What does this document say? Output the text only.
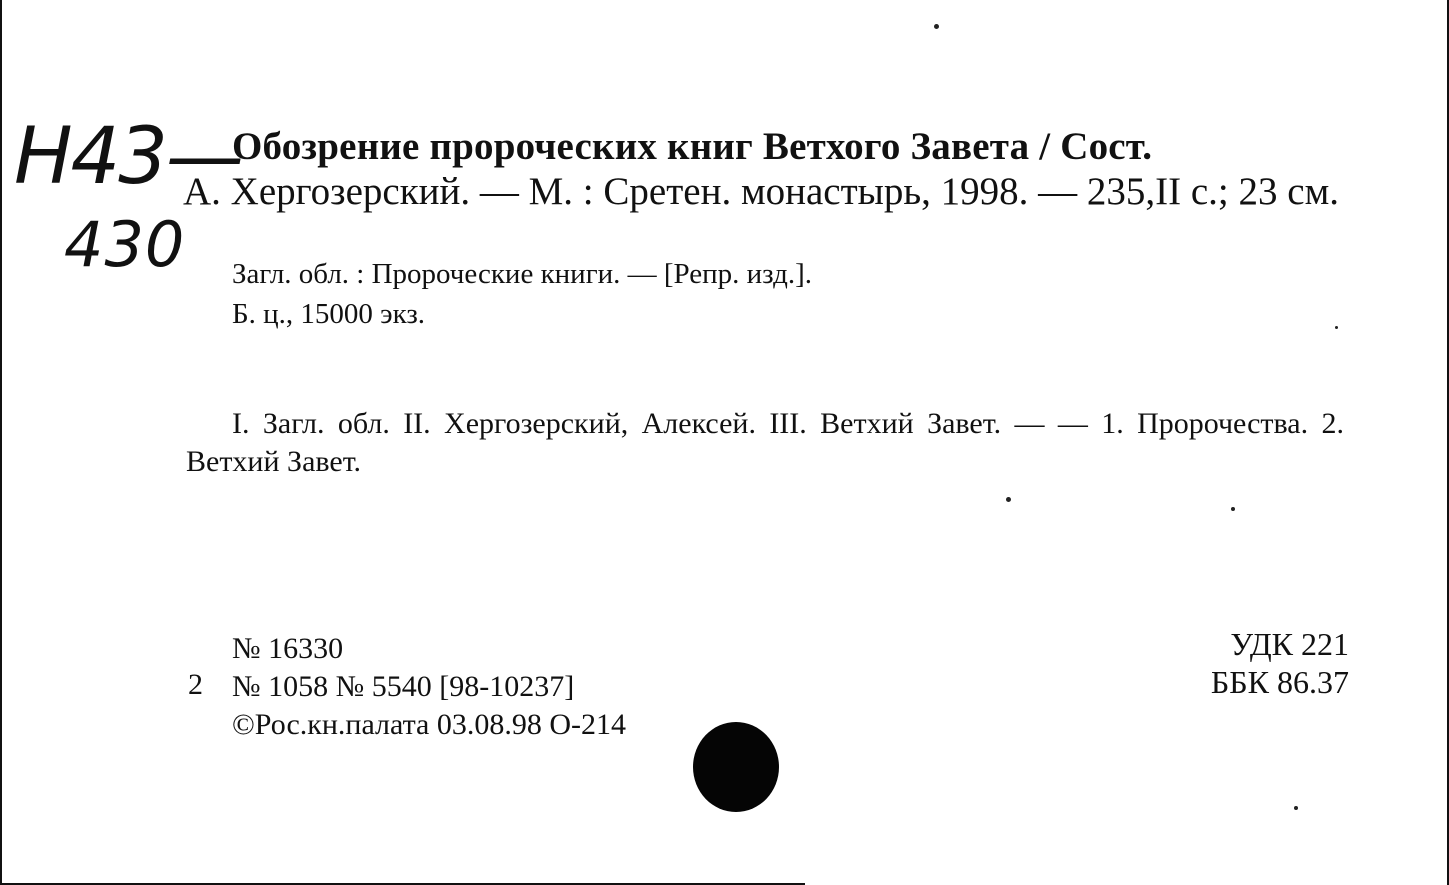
Н43—
430
Обозрение пророческих книг Ветхого Завета / Сост.
А. Хергозерский. — М. : Сретен. монастырь, 1998. — 235,II с.; 23 см.
Загл. обл. : Пророческие книги. — [Репр. изд.].
Б. ц., 15000 экз.
I. Загл. обл. II. Хергозерский, Алексей. III. Ветхий Завет. — — 1. Пророчества. 2. Ветхий Завет.
№ 16330
№ 1058 № 5540 [98-10237]
©Рос.кн.палата 03.08.98 О-214
2
УДК 221
ББК 86.37
